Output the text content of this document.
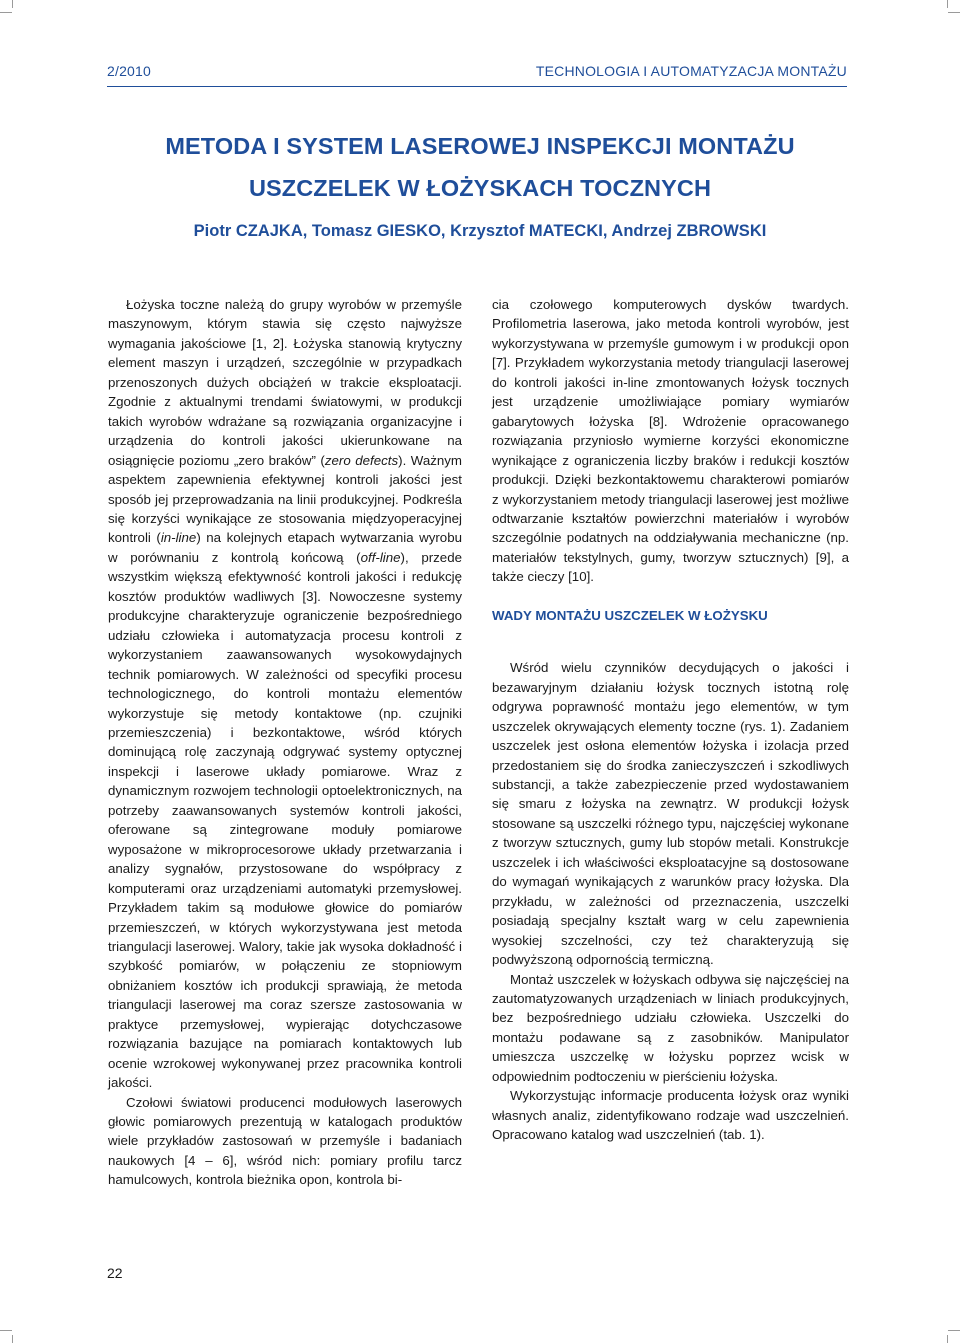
2/2010	TECHNOLOGIA I AUTOMATYZACJA MONTAŻU
METODA I SYSTEM LASEROWEJ INSPEKCJI MONTAŻU
USZCZELEK W ŁOŻYSKACH TOCZNYCH
Piotr CZAJKA, Tomasz GIESKO, Krzysztof MATECKI, Andrzej ZBROWSKI

Łożyska toczne należą do grupy wyrobów w przemyśle maszynowym, którym stawia się często najwyższe wymagania jakościowe [1, 2]. Łożyska stanowią krytyczny element maszyn i urządzeń, szczególnie w przypadkach przenoszonych dużych obciążeń w trakcie eksploatacji. Zgodnie z aktualnymi trendami światowymi, w produkcji takich wyrobów wdrażane są rozwiązania organizacyjne i urządzenia do kontroli jakości ukierunkowane na osiągnięcie poziomu „zero braków” (zero defects). Ważnym aspektem zapewnienia efektywnej kontroli jakości jest sposób jej przeprowadzania na linii produkcyjnej. Podkreśla się korzyści wynikające ze stosowania międzyoperacyjnej kontroli (in-line) na kolejnych etapach wytwarzania wyrobu w porównaniu z kontrolą końcową (off-line), przede wszystkim większą efektywność kontroli jakości i redukcję kosztów produktów wadliwych [3]. Nowoczesne systemy produkcyjne charakteryzuje ograniczenie bezpośredniego udziału człowieka i automatyzacja procesu kontroli z wykorzystaniem zaawansowanych wysokowydajnych technik pomiarowych. W zależności od specyfiki procesu technologicznego, do kontroli montażu elementów wykorzystuje się metody kontaktowe (np. czujniki przemieszczenia) i bezkontaktowe, wśród których dominującą rolę zaczynają odgrywać systemy optycznej inspekcji i laserowe układy pomiarowe. Wraz z dynamicznym rozwojem technologii optoelektronicznych, na potrzeby zaawansowanych systemów kontroli jakości, oferowane są zintegrowane moduły pomiarowe wyposażone w mikroprocesorowe układy przetwarzania i analizy sygnałów, przystosowane do współpracy z komputerami oraz urządzeniami automatyki przemysłowej. Przykładem takim są modułowe głowice do pomiarów przemieszczeń, w których wykorzystywana jest metoda triangulacji laserowej. Walory, takie jak wysoka dokładność i szybkość pomiarów, w połączeniu ze stopniowym obniżaniem kosztów ich produkcji sprawiają, że metoda triangulacji laserowej ma coraz szersze zastosowania w praktyce przemysłowej, wypierając dotychczasowe rozwiązania bazujące na pomiarach kontaktowych lub ocenie wzrokowej wykonywanej przez pracownika kontroli jakości.

Czołowi światowi producenci modułowych laserowych głowic pomiarowych prezentują w katalogach produktów wiele przykładów zastosowań w przemyśle i badaniach naukowych [4 – 6], wśród nich: pomiary profilu tarcz hamulcowych, kontrola bieżnika opon, kontrola bi-

cia czołowego komputerowych dysków twardych. Profilometria laserowa, jako metoda kontroli wyrobów, jest wykorzystywana w przemyśle gumowym i w produkcji opon [7]. Przykładem wykorzystania metody triangulacji laserowej do kontroli jakości in-line zmontowanych łożysk tocznych jest urządzenie umożliwiające pomiary wymiarów gabarytowych łożyska [8]. Wdrożenie opracowanego rozwiązania przyniosło wymierne korzyści ekonomiczne wynikające z ograniczenia liczby braków i redukcji kosztów produkcji. Dzięki bezkontaktowemu charakterowi pomiarów z wykorzystaniem metody triangulacji laserowej jest możliwe odtwarzanie kształtów powierzchni materiałów i wyrobów szczególnie podatnych na oddziaływania mechaniczne (np. materiałów tekstylnych, gumy, tworzyw sztucznych) [9], a także cieczy [10].

WADY MONTAŻU USZCZELEK W ŁOŻYSKU

Wśród wielu czynników decydujących o jakości i bezawaryjnym działaniu łożysk tocznych istotną rolę odgrywa poprawność montażu jego elementów, w tym uszczelek okrywających elementy toczne (rys. 1). Zadaniem uszczelek jest osłona elementów łożyska i izolacja przed przedostaniem się do środka zanieczyszczeń i szkodliwych substancji, a także zabezpieczenie przed wydostawaniem się smaru z łożyska na zewnątrz. W produkcji łożysk stosowane są uszczelki różnego typu, najczęściej wykonane z tworzyw sztucznych, gumy lub stopów metali. Konstrukcje uszczelek i ich właściwości eksploatacyjne są dostosowane do wymagań wynikających z warunków pracy łożyska. Dla przykładu, w zależności od przeznaczenia, uszczelki posiadają specjalny kształt warg w celu zapewnienia wysokiej szczelności, czy też charakteryzują się podwyższoną odpornością termiczną.

Montaż uszczelek w łożyskach odbywa się najczęściej na zautomatyzowanych urządzeniach w liniach produkcyjnych, bez bezpośredniego udziału człowieka. Uszczelki do montażu podawane są z zasobników. Manipulator umieszcza uszczelkę w łożysku poprzez wcisk w odpowiednim podtoczeniu w pierścieniu łożyska.

Wykorzystując informacje producenta łożysk oraz wyniki własnych analiz, zidentyfikowano rodzaje wad uszczelnień. Opracowano katalog wad uszczelnień (tab. 1).

22
